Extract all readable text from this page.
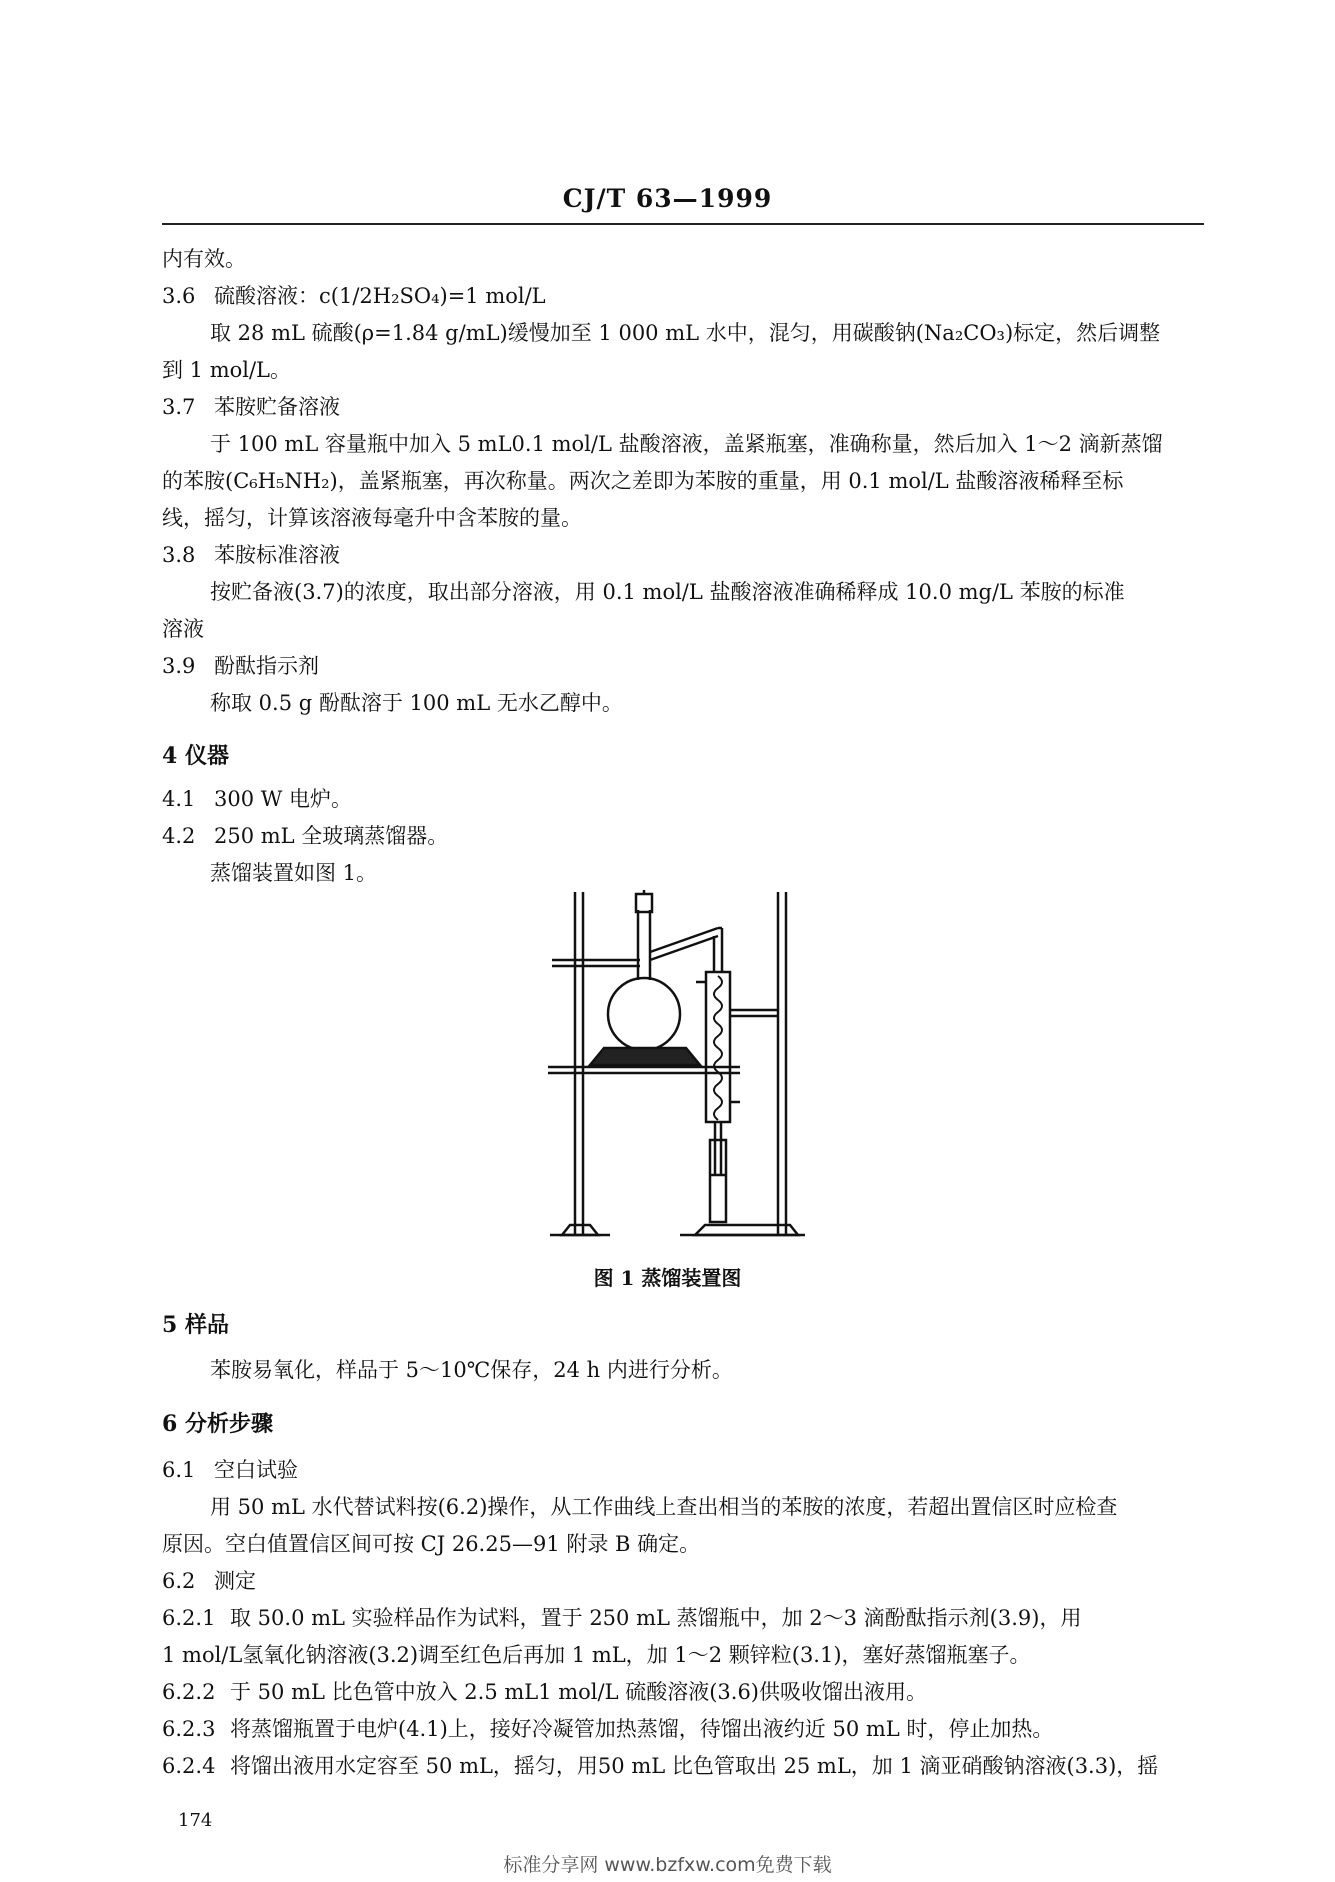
CJ/T 63—1999
内有效。
3.6 硫酸溶液：c(1/2H₂SO₄)=1 mol/L
取 28 mL 硫酸(ρ=1.84 g/mL)缓慢加至 1 000 mL 水中，混匀，用碳酸钠(Na₂CO₃)标定，然后调整
到 1 mol/L。
3.7 苯胺贮备溶液
于 100 mL 容量瓶中加入 5 mL0.1 mol/L 盐酸溶液，盖紧瓶塞，准确称量，然后加入 1～2 滴新蒸馏
的苯胺(C₆H₅NH₂)，盖紧瓶塞，再次称量。两次之差即为苯胺的重量，用 0.1 mol/L 盐酸溶液稀释至标
线，摇匀，计算该溶液每毫升中含苯胺的量。
3.8 苯胺标准溶液
按贮备液(3.7)的浓度，取出部分溶液，用 0.1 mol/L 盐酸溶液准确稀释成 10.0 mg/L 苯胺的标准
溶液
3.9 酚酞指示剂
称取 0.5 g 酚酞溶于 100 mL 无水乙醇中。
4 仪器
4.1 300 W 电炉。
4.2 250 mL 全玻璃蒸馏器。
蒸馏装置如图 1。
图 1 蒸馏装置图
5 样品
苯胺易氧化，样品于 5～10℃保存，24 h 内进行分析。
6 分析步骤
6.1 空白试验
用 50 mL 水代替试料按(6.2)操作，从工作曲线上查出相当的苯胺的浓度，若超出置信区时应检查
原因。空白值置信区间可按 CJ 26.25—91 附录 B 确定。
6.2 测定
6.2.1 取 50.0 mL 实验样品作为试料，置于 250 mL 蒸馏瓶中，加 2～3 滴酚酞指示剂(3.9)，用
1 mol/L氢氧化钠溶液(3.2)调至红色后再加 1 mL，加 1～2 颗锌粒(3.1)，塞好蒸馏瓶塞子。
6.2.2 于 50 mL 比色管中放入 2.5 mL1 mol/L 硫酸溶液(3.6)供吸收馏出液用。
6.2.3 将蒸馏瓶置于电炉(4.1)上，接好冷凝管加热蒸馏，待馏出液约近 50 mL 时，停止加热。
6.2.4 将馏出液用水定容至 50 mL，摇匀，用50 mL 比色管取出 25 mL，加 1 滴亚硝酸钠溶液(3.3)，摇
174
标准分享网 www.bzfxw.com免费下载
